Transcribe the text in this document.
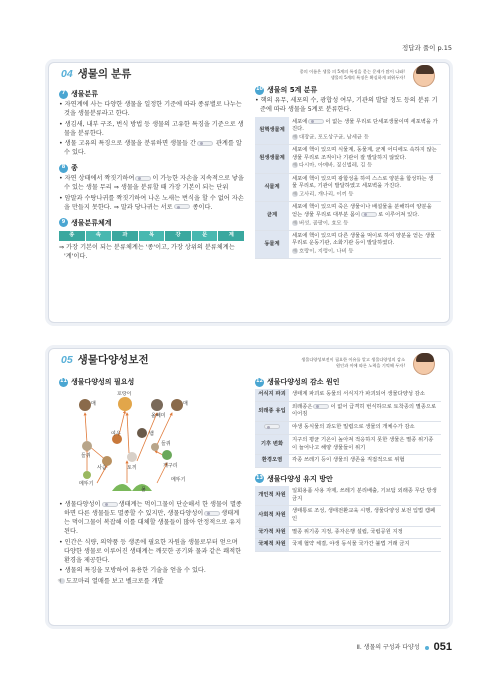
정답과 풀이 p.15
04 생물의 분류	종의 이름은 생물 의 5계의 특징을 묻는 문제가 많이 나와!
생물의 5계의 특징은 확실하게 외워두자!
7 생물분류
• 자연계에 사는 다양한 생물을 일정한 기준에 따라 종류별로 나누는 것을 생물분류라고 한다.
• 생김새, 내부 구조, 번식 방법 등 생물의 고유한 특징을 기준으로 생물을 분류한다.
• 생물 고유의 특징으로 생물을 분류하면 생물들 간	관계를 알 수 있다.
8 종
• 자연 상태에서 짝짓기하여	이 가능한 자손을 지속적으로 낳을 수 있는 생물 무리 ⇒ 생물을 분류할 때 가장 기본이 되는 단위
• 암말과 수탕나귀를 짝짓기하여 나온 노새는 번식을 할 수 없어 자손을 만들지 못한다. ⇒ 말과 당나귀는 서로	종이다.
9 생물분류체계
종	속	과	목	강	문	계
⇒ 가장 기본이 되는 분류체계는 '종'이고, 가장 상위의 분류체계는 '계'이다.
10 생물의 5계 분류
• 핵의 유무, 세포의 수, 광합성 여부, 기관의 발달 정도 등의 분류 기준에 따라 생물을 5계로 분류한다.
원핵생물계	세포에 이 없는 생물 무리로 단세포생물이며 세포벽을 가진다.
예 대장균, 포도상구균, 남세균 등
원생생물계	세포에 핵이 있으며 식물계, 동물계, 균계 어디에도 속하지 않는 생물 무리로 조직이나 기관이 잘 발달하지 않았다.
예 다시마, 아메바, 짚신벌레, 김 등
식물계	세포에 핵이 있으며 광합성을 하여 스스로 양분을 합성하는 생물 무리로, 기관이 발달하였고 세포벽을 가진다.
예 고사리, 개나리, 이끼 등
균계	세포에 핵이 있으며 죽은 생물이나 배설물을 분해하여 양분을 얻는 생물 무리로 대부분 몸이 로 이루어져 있다.
예 버섯, 곰팡이, 효모 등
동물계	세포에 핵이 있으며 다른 생물을 먹이로 하여 양분을 얻는 생물 무리로 운동기관, 소화기관 등이 발달하였다.
예 호랑이, 지렁이, 나비 등
05 생물다양성보전	생물다양성보전이 필요한 이유를 알고 생물다양성의 감소
원인과 이에 따른 노력을 기억해 두자!
11 생물다양성의 필요성
매
호랑이
올빼미
매
들쥐
여우	뱀
사슴	토끼	개구리
메뚜기
들쥐
메뚜기
풀
• 생물다양성이	생태계는 먹이그물이 단순해서 한 생물이 멸종하면 다른 생물들도 멸종할 수 있지만, 생물다양성이	생태계는 먹이그물이 복잡해 이를 대체할 생물들이 많아 안정적으로 유지된다.
• 인간은 식량, 의약품 등 생존에 필요한 자원을 생물로부터 얻으며 다양한 생물로 이루어진 생태계는 깨끗한 공기와 물과 같은 쾌적한 환경을 제공한다.
• 생물의 특징을 모방하여 유용한 기술을 얻을 수 있다.
예 도꼬마리 열매를 보고 벨크로를 개발
12 생물다양성의 감소 원인
서식지 파괴	생태계 파괴로 동물의 서식지가 파괴되어 생물다양성 감소
외래종 유입	외래종은 이 없어 급격히 번식하므로 토착종의 멸종으로 이어짐
	야생 동식물의 과도한 밀렵으로 생물의 개체수가 감소
기후 변화	지구의 평균 기온이 높아져 적응하지 못한 생물은 멸종 위기종이 늘어나고 해양 생물들이 위기
환경오염	각종 쓰레기 등이 생물의 생존을 직접적으로 위협
13 생물다양성 유지 방안
개인적 차원	일회용품 사용 자제, 쓰레기 분리배출, 기브텀 외래종 무단 방생 금지
사회적 차원	생태통로 조성, 생태전환교육 시행, 생물다양성 보전 입법 캠페인
국가적 차원	멸종 위기종 지정, 종자은행 설립, 국립공원 지정
국제적 차원	국제 협약 체결, 야생 동식물 국가간 불법 거래 금지
Ⅱ. 생물의 구성과 다양성 051
